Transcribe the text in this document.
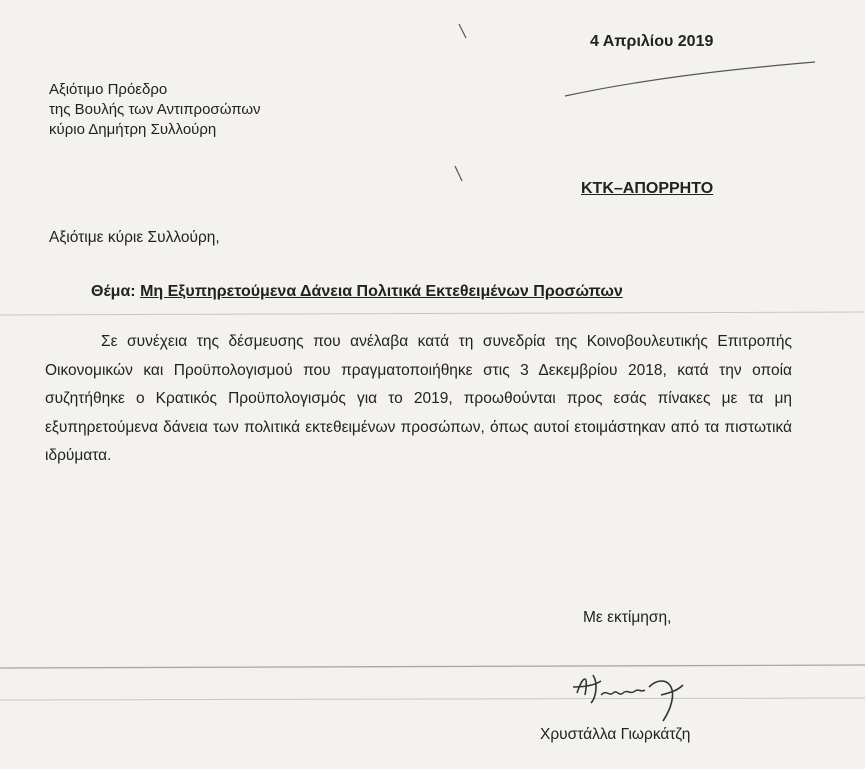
4 Απριλίου 2019
Αξιότιμο Πρόεδρο
της Βουλής των Αντιπροσώπων
κύριο Δημήτρη Συλλούρη
ΚΤΚ–ΑΠΟΡΡΗΤΟ
Αξιότιμε κύριε Συλλούρη,
Θέμα: Μη Εξυπηρετούμενα Δάνεια Πολιτικά Εκτεθειμένων Προσώπων
Σε συνέχεια της δέσμευσης που ανέλαβα κατά τη συνεδρία της Κοινοβουλευτικής Επιτροπής Οικονομικών και Προϋπολογισμού που πραγματοποιήθηκε στις 3 Δεκεμβρίου 2018, κατά την οποία συζητήθηκε ο Κρατικός Προϋπολογισμός για το 2019, προωθούνται προς εσάς πίνακες με τα μη εξυπηρετούμενα δάνεια των πολιτικά εκτεθειμένων προσώπων, όπως αυτοί ετοιμάστηκαν από τα πιστωτικά ιδρύματα.
Με εκτίμηση,
Χρυστάλλα Γιωρκάτζη
